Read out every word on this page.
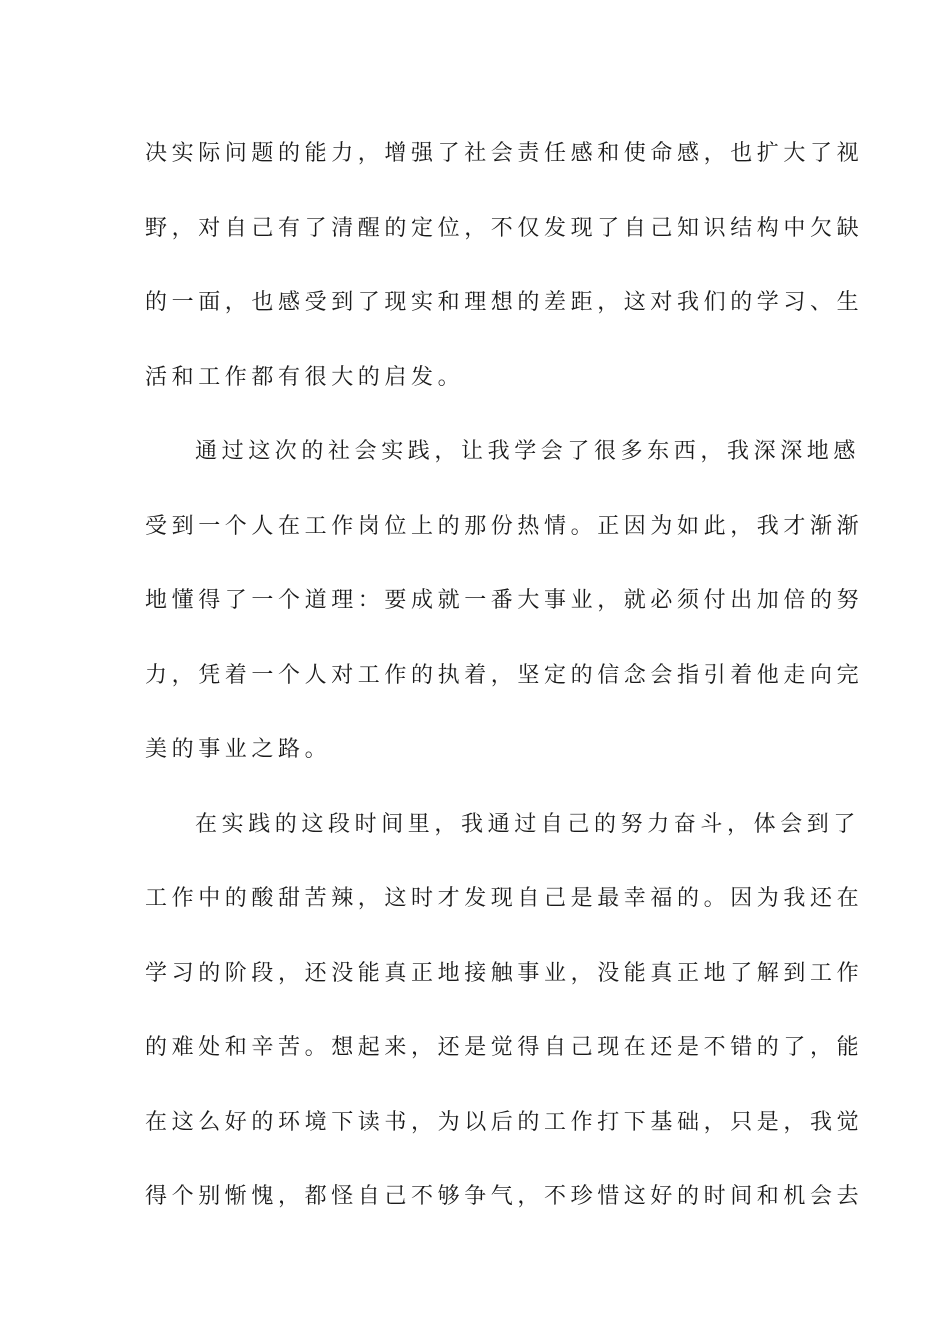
决实际问题的能力，增强了社会责任感和使命感，也扩大了视
野，对自己有了清醒的定位，不仅发现了自己知识结构中欠缺
的一面，也感受到了现实和理想的差距，这对我们的学习、生
活和工作都有很大的启发。
通过这次的社会实践，让我学会了很多东西，我深深地感
受到一个人在工作岗位上的那份热情。正因为如此，我才渐渐
地懂得了一个道理：要成就一番大事业，就必须付出加倍的努
力，凭着一个人对工作的执着，坚定的信念会指引着他走向完
美的事业之路。
在实践的这段时间里，我通过自己的努力奋斗，体会到了
工作中的酸甜苦辣，这时才发现自己是最幸福的。因为我还在
学习的阶段，还没能真正地接触事业，没能真正地了解到工作
的难处和辛苦。想起来，还是觉得自己现在还是不错的了，能
在这么好的环境下读书，为以后的工作打下基础，只是，我觉
得个别惭愧，都怪自己不够争气，不珍惜这好的时间和机会去
